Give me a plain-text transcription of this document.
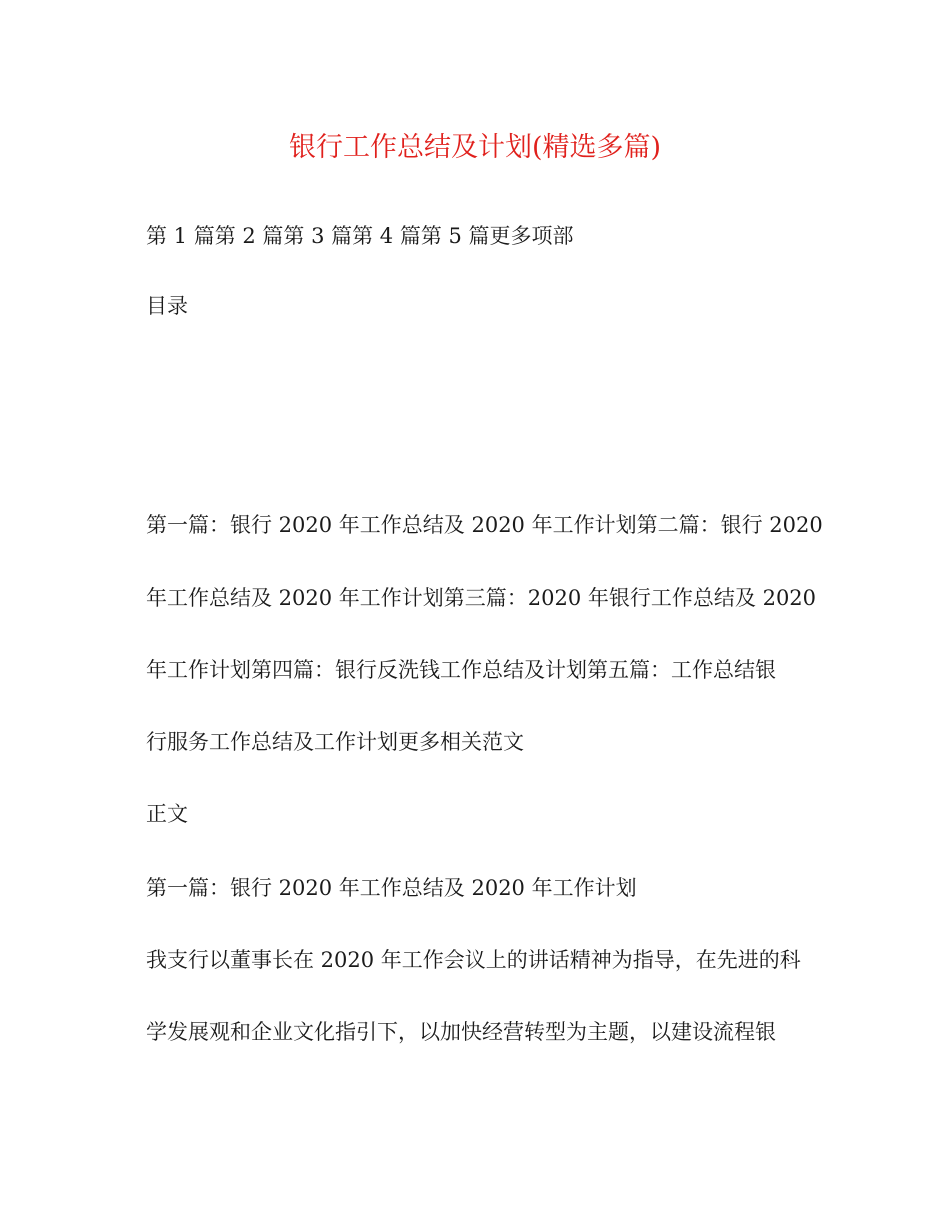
银行工作总结及计划(精选多篇)
第 1 篇第 2 篇第 3 篇第 4 篇第 5 篇更多项部
目录
第一篇：银行 2020 年工作总结及 2020 年工作计划第二篇：银行 2020
年工作总结及 2020 年工作计划第三篇：2020 年银行工作总结及 2020
年工作计划第四篇：银行反洗钱工作总结及计划第五篇：工作总结银
行服务工作总结及工作计划更多相关范文
正文
第一篇：银行 2020 年工作总结及 2020 年工作计划
我支行以董事长在 2020 年工作会议上的讲话精神为指导，在先进的科
学发展观和企业文化指引下，以加快经营转型为主题，以建设流程银
